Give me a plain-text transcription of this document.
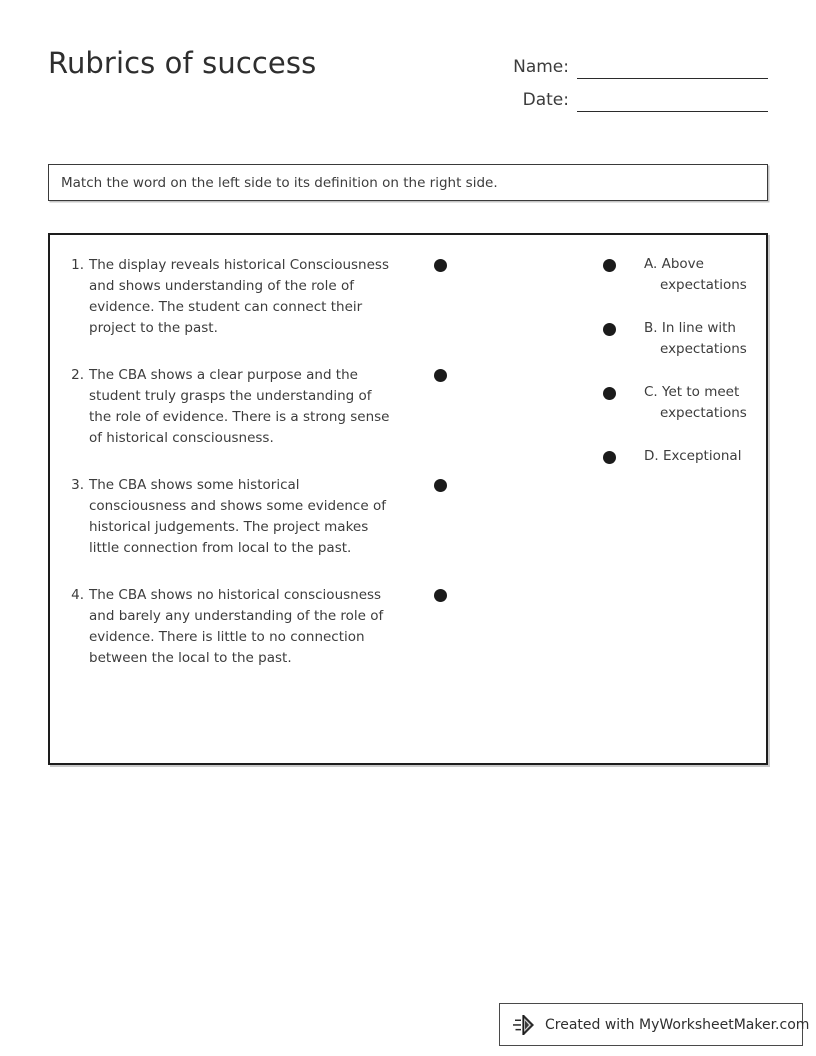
Rubrics of success	Name:
Date:
Match the word on the left side to its definition on the right side.
1. The display reveals historical Consciousness and shows understanding of the role of evidence. The student can connect their project to the past.
2. The CBA shows a clear purpose and the student truly grasps the understanding of the role of evidence. There is a strong sense of historical consciousness.
3. The CBA shows some historical consciousness and shows some evidence of historical judgements. The project makes little connection from local to the past.
4. The CBA shows no historical consciousness and barely any understanding of the role of evidence. There is little to no connection between the local to the past.
A. Above expectations
B. In line with expectations
C. Yet to meet expectations
D. Exceptional
Created with MyWorksheetMaker.com
